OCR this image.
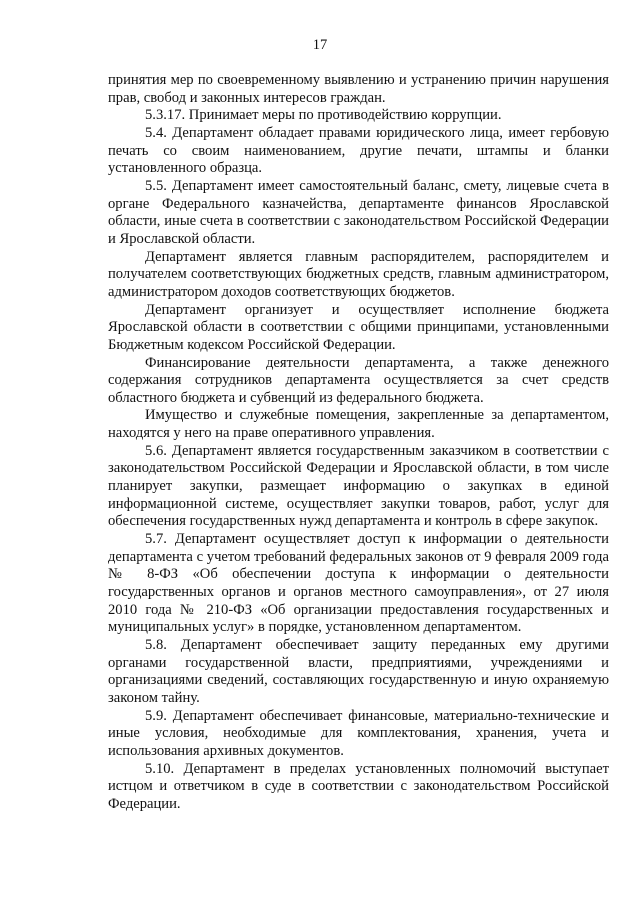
17

принятия мер по своевременному выявлению и устранению причин нарушения прав, свобод и законных интересов граждан.

5.3.17. Принимает меры по противодействию коррупции.

5.4. Департамент обладает правами юридического лица, имеет гербовую печать со своим наименованием, другие печати, штампы и бланки установленного образца.

5.5. Департамент имеет самостоятельный баланс, смету, лицевые счета в органе Федерального казначейства, департаменте финансов Ярославской области, иные счета в соответствии с законодательством Российской Федерации и Ярославской области.

Департамент является главным распорядителем, распорядителем и получателем соответствующих бюджетных средств, главным администратором, администратором доходов соответствующих бюджетов.

Департамент организует и осуществляет исполнение бюджета Ярославской области в соответствии с общими принципами, установленными Бюджетным кодексом Российской Федерации.

Финансирование деятельности департамента, а также денежного содержания сотрудников департамента осуществляется за счет средств областного бюджета и субвенций из федерального бюджета.

Имущество и служебные помещения, закрепленные за департаментом, находятся у него на праве оперативного управления.

5.6. Департамент является государственным заказчиком в соответствии с законодательством Российской Федерации и Ярославской области, в том числе планирует закупки, размещает информацию о закупках в единой информационной системе, осуществляет закупки товаров, работ, услуг для обеспечения государственных нужд департамента и контроль в сфере закупок.

5.7. Департамент осуществляет доступ к информации о деятельности департамента с учетом требований федеральных законов от 9 февраля 2009 года № 8-ФЗ «Об обеспечении доступа к информации о деятельности государственных органов и органов местного самоуправления», от 27 июля 2010 года № 210-ФЗ «Об организации предоставления государственных и муниципальных услуг» в порядке, установленном департаментом.

5.8. Департамент обеспечивает защиту переданных ему другими органами государственной власти, предприятиями, учреждениями и организациями сведений, составляющих государственную и иную охраняемую законом тайну.

5.9. Департамент обеспечивает финансовые, материально-технические и иные условия, необходимые для комплектования, хранения, учета и использования архивных документов.

5.10. Департамент в пределах установленных полномочий выступает истцом и ответчиком в суде в соответствии с законодательством Российской Федерации.
